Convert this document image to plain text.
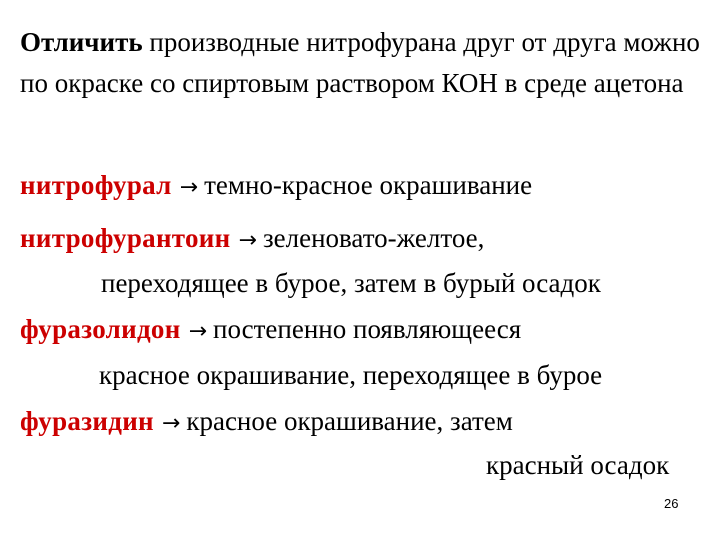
Отличить производные нитрофурана друг от друга можно по окраске со спиртовым раствором КОН в среде ацетона
нитрофурал → темно-красное окрашивание
нитрофурантоин → зеленовато-желтое,
переходящее в бурое, затем в бурый осадок
фуразолидон → постепенно появляющееся
красное окрашивание, переходящее в бурое
фуразидин → красное окрашивание, затем
красный осадок
26
